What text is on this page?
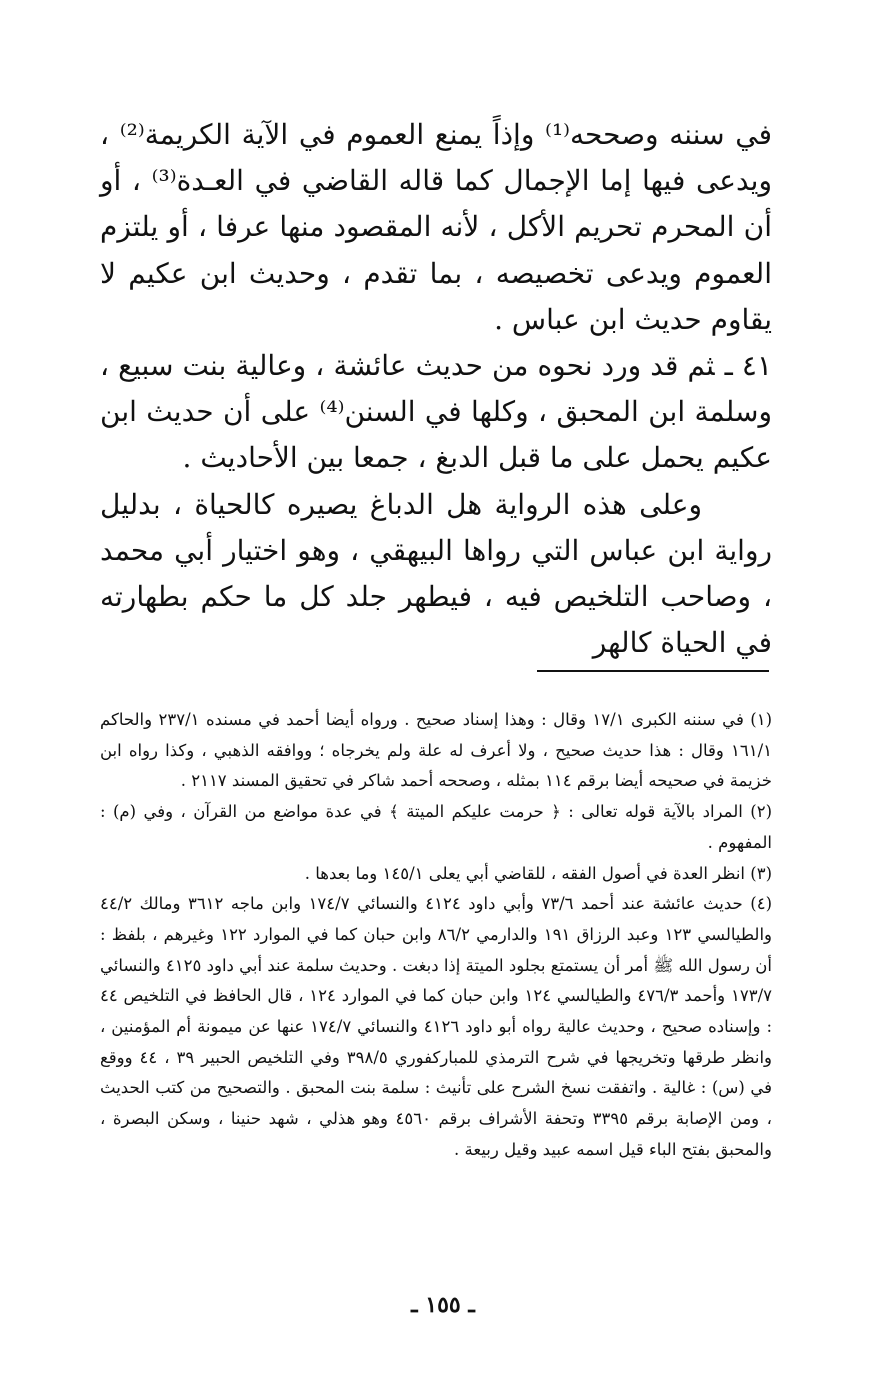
في سننه وصححه⁽¹⁾ وإذاً يمنع العموم في الآية الكريمة⁽²⁾ ، ويدعى فيها إما الإجمال كما قاله القاضي في العـدة⁽³⁾ ، أو أن المحرم تحريم الأكل ، لأنه المقصود منها عرفا ، أو يلتزم العموم ويدعى تخصيصه ، بما تقدم ، وحديث ابن عكيم لا يقاوم حديث ابن عباس .

٤١ ـثم قد ورد نحوه من حديث عائشة ، وعالية بنت سبيع ، وسلمة ابن المحبق ، وكلها في السنن⁽⁴⁾ على أن حديث ابن عكيم يحمل على ما قبل الدبغ ، جمعا بين الأحاديث .

وعلى هذه الرواية هل الدباغ يصيره كالحياة ، بدليل رواية ابن عباس التي رواها البيهقي ، وهو اختيار أبي محمد ، وصاحب التلخيص فيه ، فيطهر جلد كل ما حكم بطهارته في الحياة كالهر

(١) في سننه الكبرى ١٧/١ وقال : وهذا إسناد صحيح . ورواه أيضا أحمد في مسنده ٢٣٧/١ والحاكم ١٦١/١ وقال : هذا حديث صحيح ، ولا أعرف له علة ولم يخرجاه ؛ ووافقه الذهبي ، وكذا رواه ابن خزيمة في صحيحه أيضا برقم ١١٤ بمثله ، وصححه أحمد شاكر في تحقيق المسند ٢١١٧ .

(٢) المراد بالآية قوله تعالى : ﴿ حرمت عليكم الميتة ﴾ في عدة مواضع من القرآن ، وفي (م) : المفهوم .

(٣) انظر العدة في أصول الفقه ، للقاضي أبي يعلى ١٤٥/١ وما بعدها .

(٤) حديث عائشة عند أحمد ٧٣/٦ وأبي داود ٤١٢٤ والنسائي ١٧٤/٧ وابن ماجه ٣٦١٢ ومالك ٤٤/٢ والطيالسي ١٢٣ وعبد الرزاق ١٩١ والدارمي ٨٦/٢ وابن حبان كما في الموارد ١٢٢ وغيرهم ، بلفظ : أن رسول الله ﷺ أمر أن يستمتع بجلود الميتة إذا دبغت . وحديث سلمة عند أبي داود ٤١٢٥ والنسائي ١٧٣/٧ وأحمد ٤٧٦/٣ والطيالسي ١٢٤ وابن حبان كما في الموارد ١٢٤ ، قال الحافظ في التلخيص ٤٤ : وإسناده صحيح ، وحديث عالية رواه أبو داود ٤١٢٦ والنسائي ١٧٤/٧ عنها عن ميمونة أم المؤمنين ، وانظر طرقها وتخريجها في شرح الترمذي للمباركفوري ٣٩٨/٥ وفي التلخيص الحبير ٣٩ ، ٤٤ ووقع في (س) : غالية . واتفقت نسخ الشرح على تأنيث : سلمة بنت المحبق . والتصحيح من كتب الحديث ، ومن الإصابة برقم ٣٣٩٥ وتحفة الأشراف برقم ٤٥٦٠ وهو هذلي ، شهد حنينا ، وسكن البصرة ، والمحبق بفتح الباء قيل اسمه عبيد وقيل ربيعة .

ـ ١٥٥ ـ
